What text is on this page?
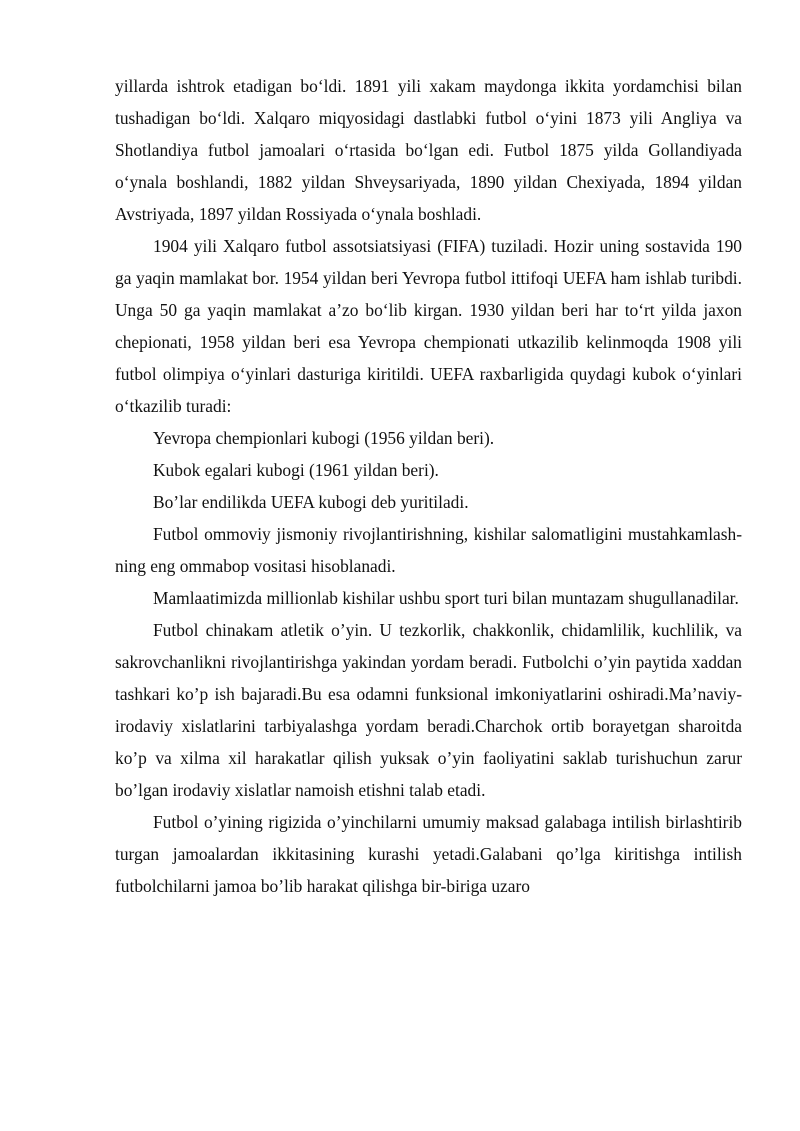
yillarda ishtrok etadigan bo‘ldi. 1891 yili xakam maydonga ikkita yordamchisi bilan tushadigan bo‘ldi. Xalqaro miqyosidagi dastlabki futbol o‘yini 1873 yili Angliya va Shotlandiya futbol jamoalari o‘rtasida bo‘lgan edi. Futbol 1875 yilda Gollandiyada o‘ynala boshlandi, 1882 yildan Shveysariyada, 1890 yildan Chexiyada, 1894 yildan Avstriyada, 1897 yildan Rossiyada o‘ynala boshladi.

1904 yili Xalqaro futbol assotsiatsiyasi (FIFA) tuziladi. Hozir uning sostavida 190 ga yaqin mamlakat bor. 1954 yildan beri Yevropa futbol ittifoqi UEFA ham ishlab turibdi. Unga 50 ga yaqin mamlakat a’zo bo‘lib kirgan. 1930 yildan beri har to‘rt yilda jaxon chepionati, 1958 yildan beri esa Yevropa chempionati utkazilib kelinmoqda 1908 yili futbol olimpiya o‘yinlari dasturiga kiritildi. UEFA raxbarligida quydagi kubok o‘yinlari o‘tkazilib turadi:

Yevropa chempionlari kubogi (1956 yildan beri).

Kubok egalari kubogi (1961 yildan beri).

Bo’lar endilikda UEFA kubogi deb yuritiladi.

Futbol ommoviy jismoniy rivojlantirishning, kishilar salomatligini mustahkamlash-ning eng ommabop vositasi hisoblanadi.

Mamlaatimizda millionlab kishilar ushbu sport turi bilan muntazam shugullanadilar.

Futbol chinakam atletik o’yin. U tezkorlik, chakkonlik, chidamlilik, kuchlilik, va sakrovchanlikni rivojlantirishga yakindan yordam beradi. Futbolchi o’yin paytida xaddan tashkari ko’p ish bajaradi.Bu esa odamni funksional imkoniyatlarini oshiradi.Ma’naviy-irodaviy xislatlarini tarbiyalashga yordam beradi.Charchok ortib borayetgan sharoitda ko’p va xilma xil harakatlar qilish yuksak o’yin faoliyatini saklab turishuchun zarur bo’lgan irodaviy xislatlar namoish etishni talab etadi.

Futbol o’yining rigizida o’yinchilarni umumiy maksad galabaga intilish birlashtirib turgan jamoalardan ikkitasining kurashi yetadi.Galabani qo’lga kiritishga intilish futbolchilarni jamoa bo’lib harakat qilishga bir-biriga uzaro
